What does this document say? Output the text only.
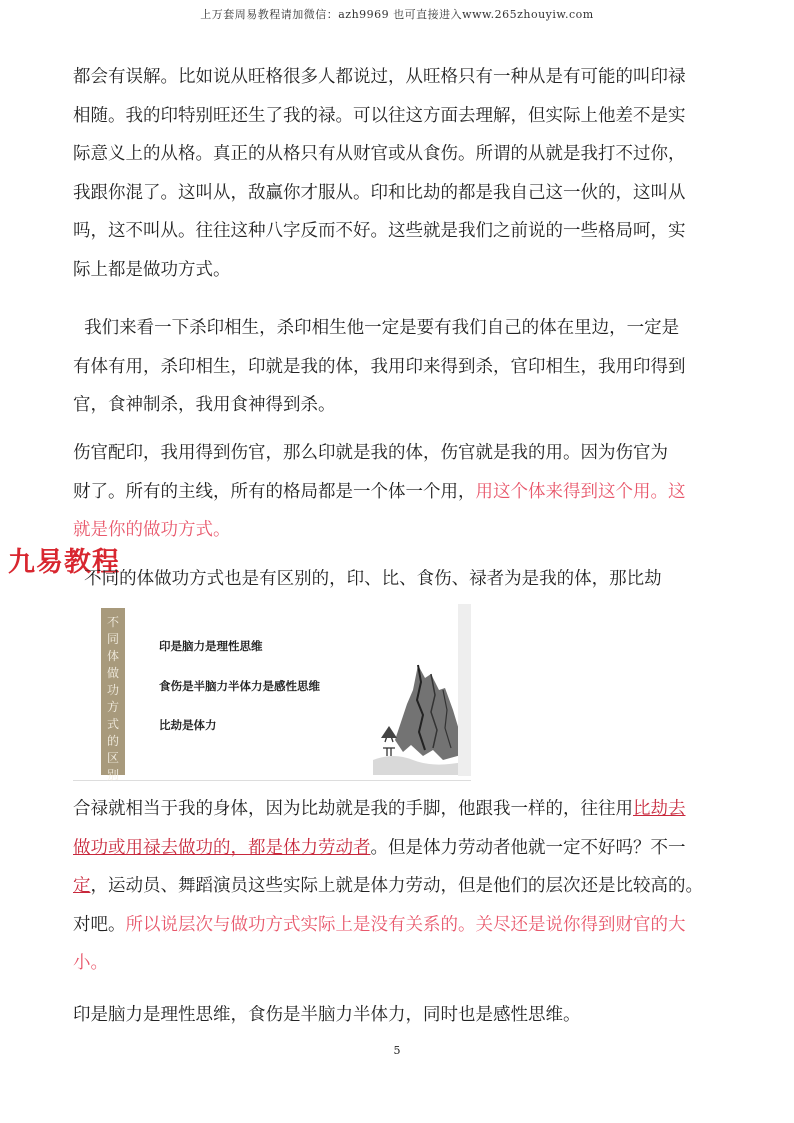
上万套周易教程请加微信：azh9969 也可直接进入www.265zhouyiw.com
都会有误解。比如说从旺格很多人都说过，从旺格只有一种从是有可能的叫印禄
相随。我的印特别旺还生了我的禄。可以往这方面去理解，但实际上他差不是实
际意义上的从格。真正的从格只有从财官或从食伤。所谓的从就是我打不过你，
我跟你混了。这叫从，敌赢你才服从。印和比劫的都是我自己这一伙的，这叫从
吗，这不叫从。往往这种八字反而不好。这些就是我们之前说的一些格局呵，实
际上都是做功方式。
我们来看一下杀印相生，杀印相生他一定是要有我们自己的体在里边，一定是
有体有用，杀印相生，印就是我的体，我用印来得到杀，官印相生，我用印得到
官，食神制杀，我用食神得到杀。
伤官配印，我用得到伤官，那么印就是我的体，伤官就是我的用。因为伤官为
财了。所有的主线，所有的格局都是一个体一个用，用这个体来得到这个用。这
就是你的做功方式。
九易教程
不同的体做功方式也是有区别的，印、比、食伤、禄者为是我的体，那比劫
不
同
体
做
功
方
式
的
区
别
印是脑力是理性思维
食伤是半脑力半体力是感性思维
比劫是体力
合禄就相当于我的身体，因为比劫就是我的手脚，他跟我一样的，往往用比劫去
做功或用禄去做功的，都是体力劳动者。但是体力劳动者他就一定不好吗？不一
定，运动员、舞蹈演员这些实际上就是体力劳动，但是他们的层次还是比较高的。
对吧。所以说层次与做功方式实际上是没有关系的。关尽还是说你得到财官的大
小。
印是脑力是理性思维，食伤是半脑力半体力，同时也是感性思维。
5
